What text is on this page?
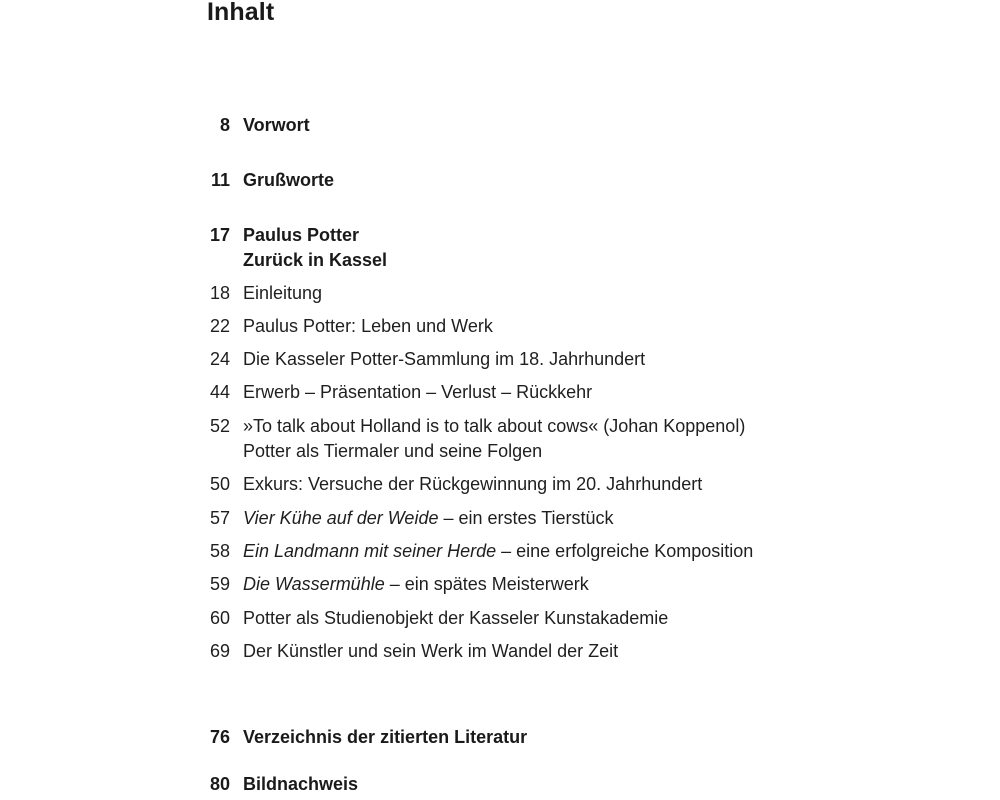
Inhalt
8 Vorwort
11 Grußworte
17 Paulus Potter
Zurück in Kassel
18 Einleitung
22 Paulus Potter: Leben und Werk
24 Die Kasseler Potter-Sammlung im 18. Jahrhundert
44 Erwerb – Präsentation – Verlust – Rückkehr
52 »To talk about Holland is to talk about cows« (Johan Koppenol)
Potter als Tiermaler und seine Folgen
50 Exkurs: Versuche der Rückgewinnung im 20. Jahrhundert
57 Vier Kühe auf der Weide – ein erstes Tierstück
58 Ein Landmann mit seiner Herde – eine erfolgreiche Komposition
59 Die Wassermühle – ein spätes Meisterwerk
60 Potter als Studienobjekt der Kasseler Kunstakademie
69 Der Künstler und sein Werk im Wandel der Zeit
76 Verzeichnis der zitierten Literatur
80 Bildnachweis
